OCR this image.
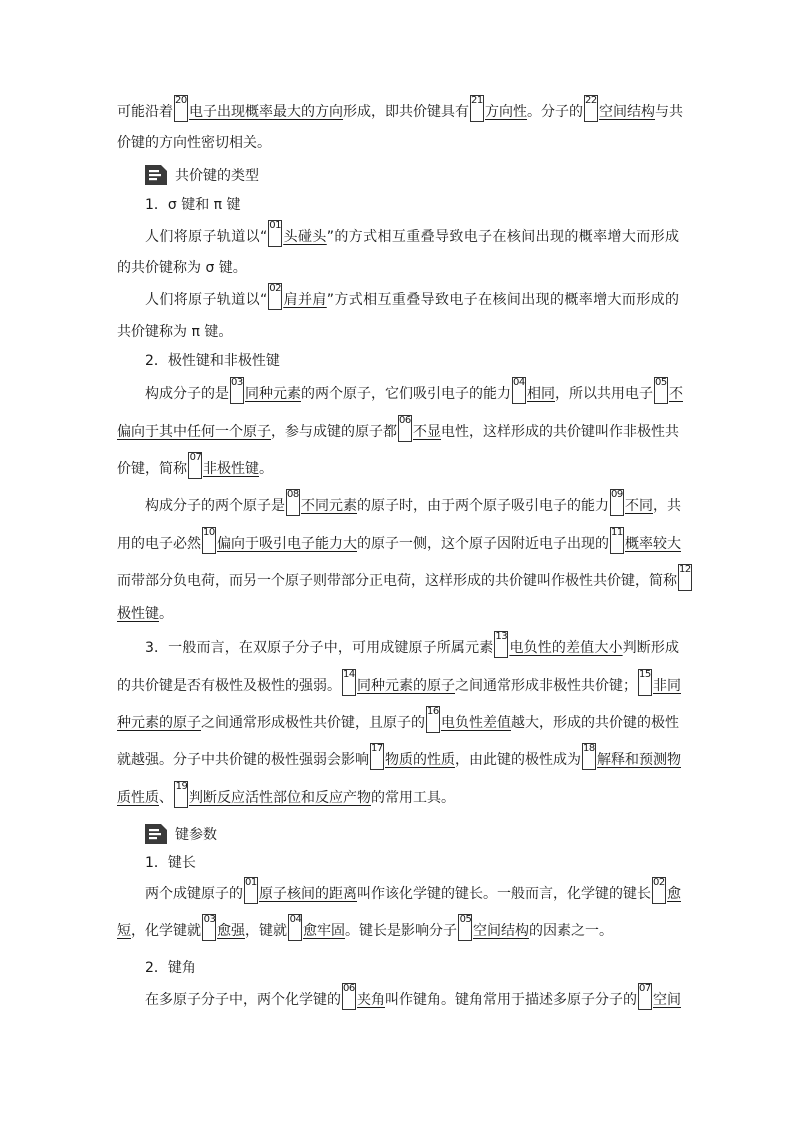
可能沿着
20
电子出现概率最大的方向形成，即共价键具有
21
方向性。分子的
22
空间结构与共
价键的方向性密切相关。
共价键的类型
1．σ 键和 π 键
人们将原子轨道以“
01
头碰头”的方式相互重叠导致电子在核间出现的概率增大而形成
的共价键称为 σ 键。
人们将原子轨道以“
02
肩并肩”方式相互重叠导致电子在核间出现的概率增大而形成的
共价键称为 π 键。
2．极性键和非极性键
构成分子的是
03
同种元素的两个原子，它们吸引电子的能力
04
相同，所以共用电子
05
不
偏向于其中任何一个原子，参与成键的原子都
06
不显电性，这样形成的共价键叫作非极性共
价键，简称
07
非极性键。
构成分子的两个原子是
08
不同元素的原子时，由于两个原子吸引电子的能力
09
不同，共
用的电子必然
10
偏向于吸引电子能力大的原子一侧，这个原子因附近电子出现的
11
概率较大
而带部分负电荷，而另一个原子则带部分正电荷，这样形成的共价键叫作极性共价键，简称
12
极性键。
3．一般而言，在双原子分子中，可用成键原子所属元素
13
电负性的差值大小判断形成
的共价键是否有极性及极性的强弱。
14
同种元素的原子之间通常形成非极性共价键；
15
非同
种元素的原子之间通常形成极性共价键，且原子的
16
电负性差值越大，形成的共价键的极性
就越强。分子中共价键的极性强弱会影响
17
物质的性质，由此键的极性成为
18
解释和预测物
质性质、
19
判断反应活性部位和反应产物的常用工具。
键参数
1．键长
两个成键原子的
01
原子核间的距离叫作该化学键的键长。一般而言，化学键的键长
02
愈
短，化学键就
03
愈强，键就
04
愈牢固。键长是影响分子
05
空间结构的因素之一。
2．键角
在多原子分子中，两个化学键的
06
夹角叫作键角。键角常用于描述多原子分子的
07
空间
